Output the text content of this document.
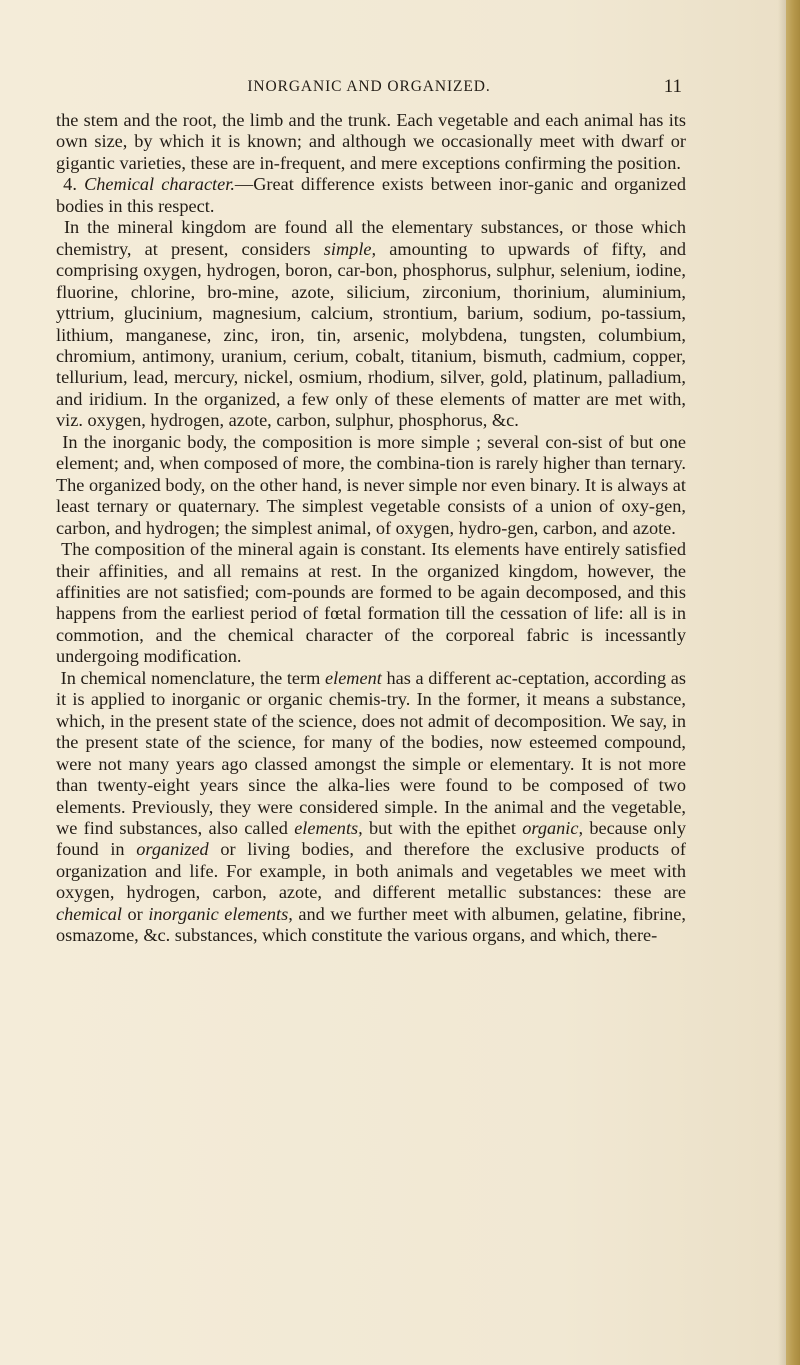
INORGANIC AND ORGANIZED.	11

the stem and the root, the limb and the trunk. Each vegetable and each animal has its own size, by which it is known; and although we occasionally meet with dwarf or gigantic varieties, these are in-frequent, and mere exceptions confirming the position.

4. Chemical character.—Great difference exists between inor-ganic and organized bodies in this respect.

In the mineral kingdom are found all the elementary substances, or those which chemistry, at present, considers simple, amounting to upwards of fifty, and comprising oxygen, hydrogen, boron, car-bon, phosphorus, sulphur, selenium, iodine, fluorine, chlorine, bro-mine, azote, silicium, zirconium, thorinium, aluminium, yttrium, glucinium, magnesium, calcium, strontium, barium, sodium, po-tassium, lithium, manganese, zinc, iron, tin, arsenic, molybdena, tungsten, columbium, chromium, antimony, uranium, cerium, cobalt, titanium, bismuth, cadmium, copper, tellurium, lead, mercury, nickel, osmium, rhodium, silver, gold, platinum, palladium, and iridium. In the organized, a few only of these elements of matter are met with, viz. oxygen, hydrogen, azote, carbon, sulphur, phosphorus, &c.

In the inorganic body, the composition is more simple ; several con-sist of but one element; and, when composed of more, the combina-tion is rarely higher than ternary. The organized body, on the other hand, is never simple nor even binary. It is always at least ternary or quaternary. The simplest vegetable consists of a union of oxy-gen, carbon, and hydrogen; the simplest animal, of oxygen, hydro-gen, carbon, and azote.

The composition of the mineral again is constant. Its elements have entirely satisfied their affinities, and all remains at rest. In the organized kingdom, however, the affinities are not satisfied; com-pounds are formed to be again decomposed, and this happens from the earliest period of fœtal formation till the cessation of life: all is in commotion, and the chemical character of the corporeal fabric is incessantly undergoing modification.

In chemical nomenclature, the term element has a different ac-ceptation, according as it is applied to inorganic or organic chemis-try. In the former, it means a substance, which, in the present state of the science, does not admit of decomposition. We say, in the present state of the science, for many of the bodies, now esteemed compound, were not many years ago classed amongst the simple or elementary. It is not more than twenty-eight years since the alka-lies were found to be composed of two elements. Previously, they were considered simple. In the animal and the vegetable, we find substances, also called elements, but with the epithet organic, because only found in organized or living bodies, and therefore the exclusive products of organization and life. For example, in both animals and vegetables we meet with oxygen, hydrogen, carbon, azote, and different metallic substances: these are chemical or inorganic elements, and we further meet with albumen, gelatine, fibrine, osmazome, &c. substances, which constitute the various organs, and which, there-
